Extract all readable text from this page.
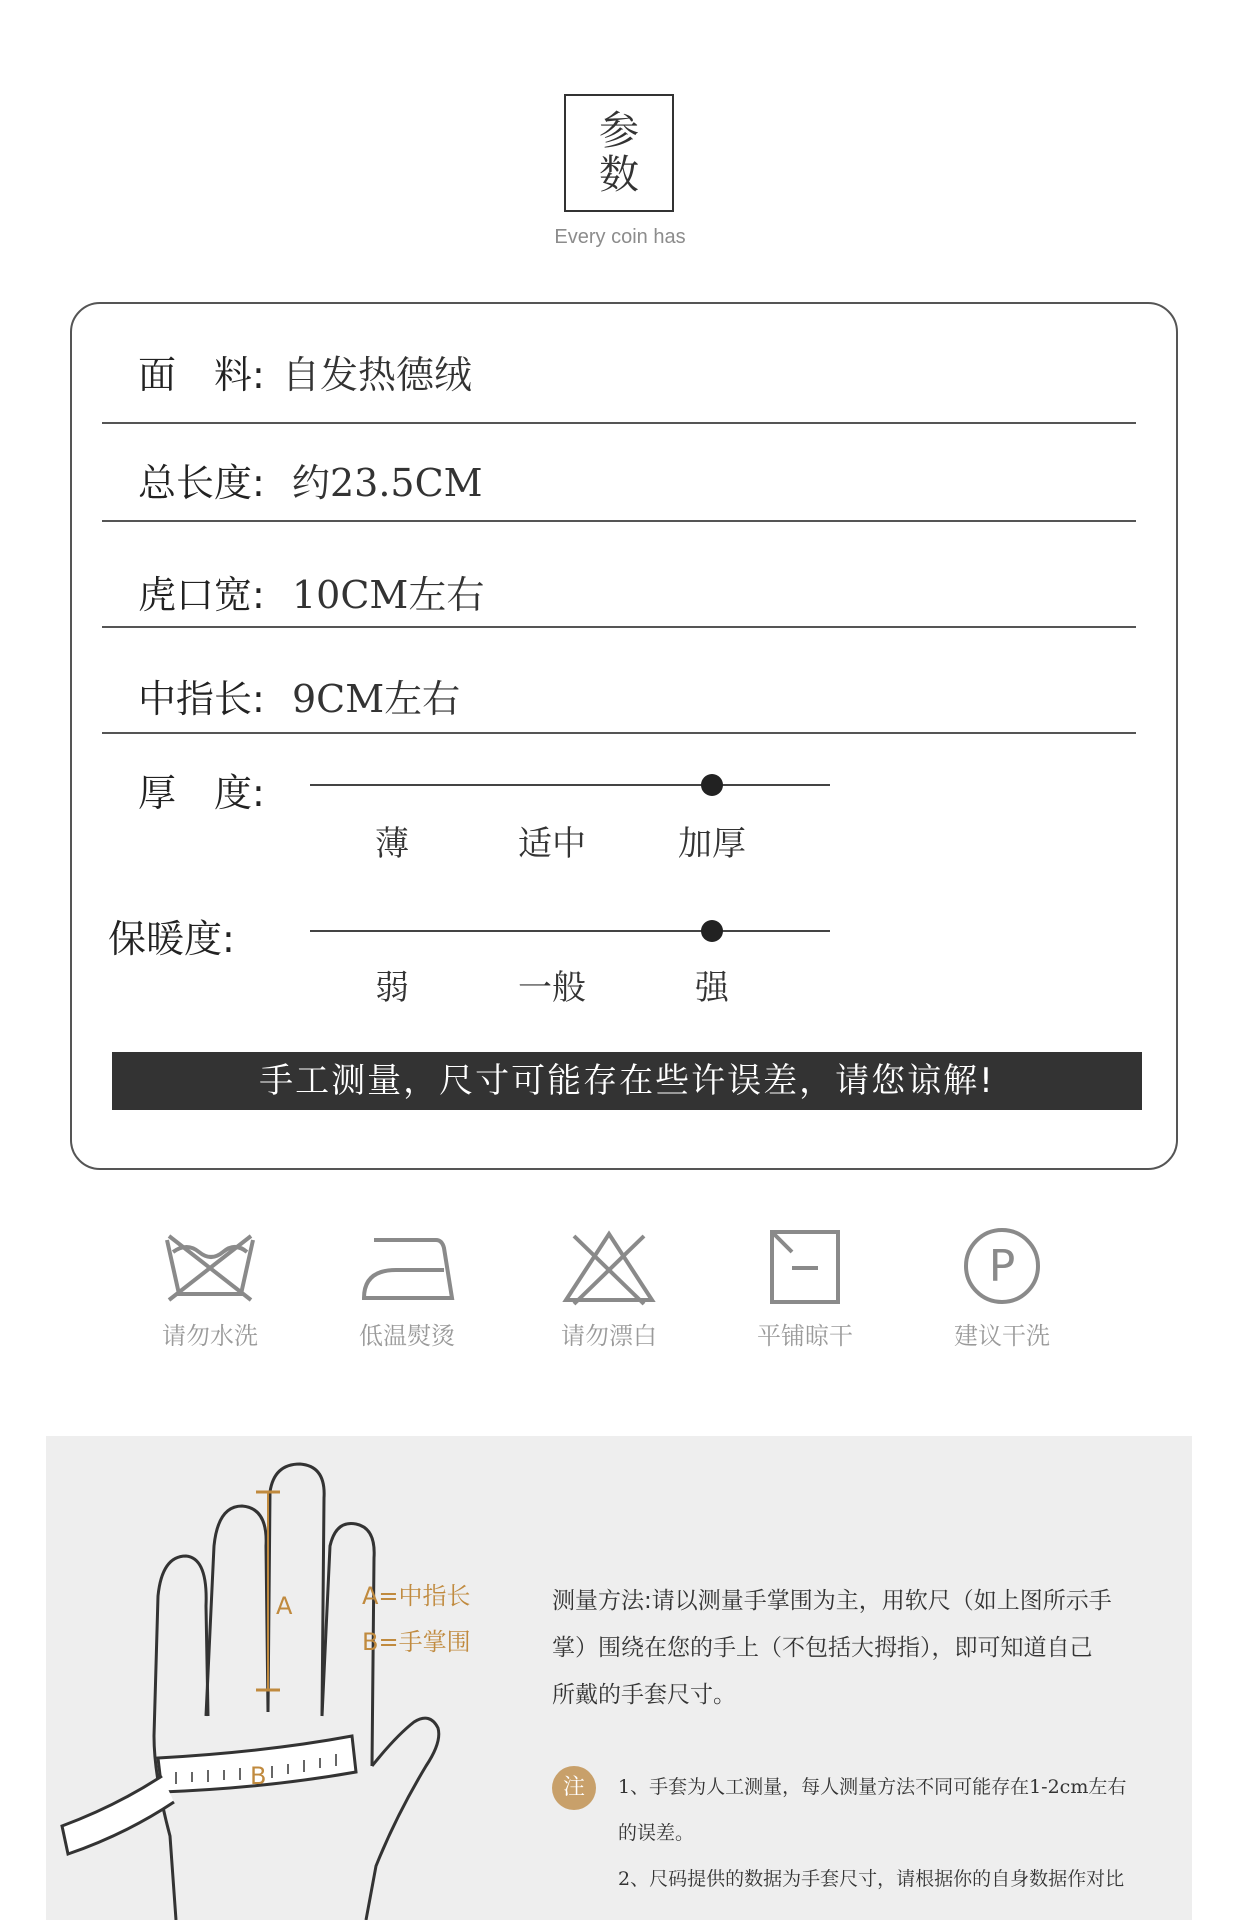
参
数
Every coin has
面　料: 自发热德绒
总长度: 约23.5CM
虎口宽: 10CM左右
中指长: 9CM左右
厚　度:
薄	适中	加厚
保暖度:
弱	一般	强
手工测量，尺寸可能存在些许误差，请您谅解!
请勿水洗	低温熨烫	请勿漂白	平铺晾干
P
建议干洗
A
B
A=中指长
B=手掌围
测量方法:请以测量手掌围为主，用软尺（如上图所示手
掌）围绕在您的手上（不包括大拇指），即可知道自己
所戴的手套尺寸。
注	1、手套为人工测量，每人测量方法不同可能存在1-2cm左右
的误差。
2、尺码提供的数据为手套尺寸，请根据你的自身数据作对比
